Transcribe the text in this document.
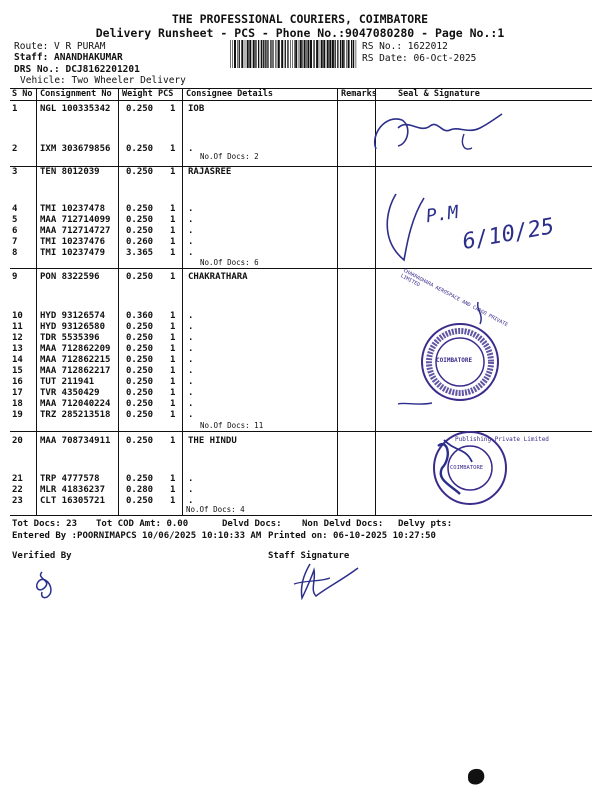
THE PROFESSIONAL COURIERS, COIMBATORE
Delivery Runsheet - PCS - Phone No.:9047080280 - Page No.:1
Route: V R PURAM
Staff: ANANDHAKUMAR
DRS No.: DCJ8162201201
Vehicle: Two Wheeler Delivery
RS No.: 1622012
RS Date: 06-Oct-2025
S No Consignment No Weight PCS Consignee Details	Remarks Seal & Signature
1	NGL 100335342 0.250 1 IOB
2	IXM 303679856 0.250 1 .
3	TEN 8012039	0.250 1 RAJASREE
4	TMI 10237478 0.250 1 .
5	MAA 712714099 0.250 1 .
6	MAA 712714727 0.250 1 .
7	TMI 10237476 0.260 1 .
8	TMI 10237479 3.365 1 .
9	PON 8322596	0.250 1 CHAKRATHARA
10 HYD 93126574 0.360 1 .
11 HYD 93126580 0.250 1 .
12 TDR 5535396	0.250 1 .
13 MAA 712862209 0.250 1 .
14 MAA 712862215 0.250 1 .
15 MAA 712862217 0.250 1 .
16 TUT 211941	0.250 1 .
17 TVR 4350429	0.250 1 .
18 MAA 712040224 0.250 1 .
19 TRZ 285213518 0.250 1 .
20 MAA 708734911 0.250 1 THE HINDU
21 TRP 4777578	0.250 1 .
22 MLR 41836237 0.280 1 .
23 CLT 16305721 0.250 1 .
No.Of Docs: 2
No.Of Docs: 6
No.Of Docs: 11
No.Of Docs: 4
Tot Docs: 23 Tot COD Amt: 0.00	Delvd Docs: Non Delvd Docs: Delvy pts:
Entered By :POORNIMAPCS 10/06/2025 10:10:33 AM Printed on: 06-10-2025 10:27:50
Verified By	Staff Signature
P.M 6/10/25
COIMBATORE
CHAKRADHARA AEROSPACE AND CARGO PRIVATE LIMITED
COIMBATORE
Publishing Private Limited
